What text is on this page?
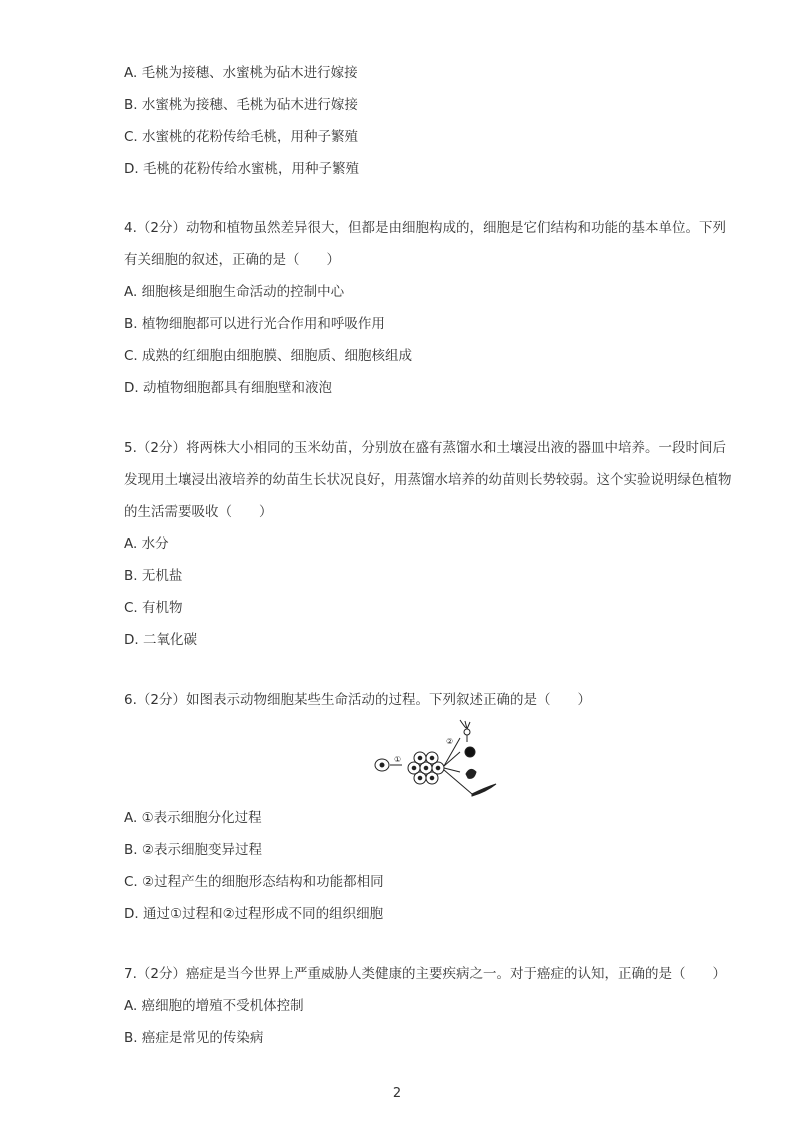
A. 毛桃为接穗、水蜜桃为砧木进行嫁接
B. 水蜜桃为接穗、毛桃为砧木进行嫁接
C. 水蜜桃的花粉传给毛桃，用种子繁殖
D. 毛桃的花粉传给水蜜桃，用种子繁殖
4.（2分）动物和植物虽然差异很大，但都是由细胞构成的，细胞是它们结构和功能的基本单位。下列
有关细胞的叙述，正确的是（　　）
A. 细胞核是细胞生命活动的控制中心
B. 植物细胞都可以进行光合作用和呼吸作用
C. 成熟的红细胞由细胞膜、细胞质、细胞核组成
D. 动植物细胞都具有细胞壁和液泡
5.（2分）将两株大小相同的玉米幼苗，分别放在盛有蒸馏水和土壤浸出液的器皿中培养。一段时间后
发现用土壤浸出液培养的幼苗生长状况良好，用蒸馏水培养的幼苗则长势较弱。这个实验说明绿色植物
的生活需要吸收（　　）
A. 水分
B. 无机盐
C. 有机物
D. 二氧化碳
6.（2分）如图表示动物细胞某些生命活动的过程。下列叙述正确的是（　　）
①
②
A. ①表示细胞分化过程
B. ②表示细胞变异过程
C. ②过程产生的细胞形态结构和功能都相同
D. 通过①过程和②过程形成不同的组织细胞
7.（2分）癌症是当今世界上严重威胁人类健康的主要疾病之一。对于癌症的认知，正确的是（　　）
A. 癌细胞的增殖不受机体控制
B. 癌症是常见的传染病
2
